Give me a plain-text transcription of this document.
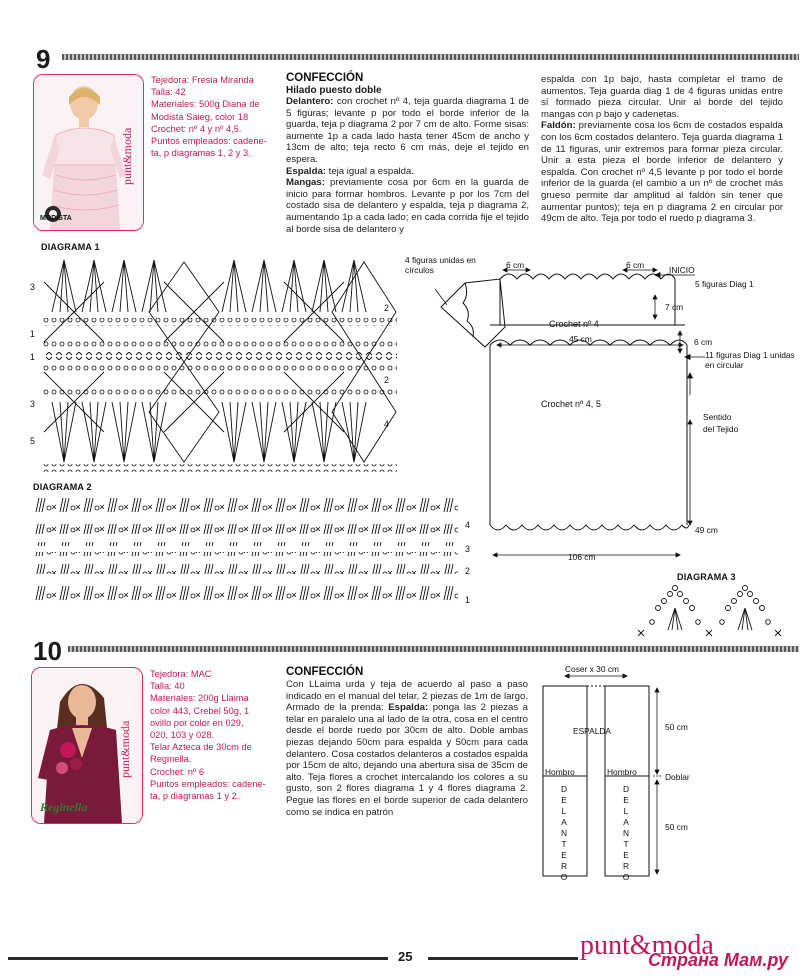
9
punt&moda
MODISTA
Tejedora: Fresia Miranda
Talla: 42
Materiales: 500g Diana de
Modista Saieg, color 18
Crochet: nº 4 y nº 4,5.
Puntos empleados: cadene-
ta, p diagramas 1, 2 y 3.
CONFECCIÓN
Hilado puesto doble
Delantero: con crochet nº 4, teja guarda diagrama 1 de 5 figuras; levante p por todo el borde inferior de la guarda, teja p diagrama 2 por 7 cm de alto. Forme sisas: aumente 1p a cada lado hasta tener 45cm de ancho y 13cm de alto; teja recto 6 cm más, deje el tejido en espera.
Espalda: teja igual a espalda.
Mangas: previamente cosa por 6cm en la guarda de inicio para formar hombros. Levante p por los 7cm del costado sisa de delantero y espalda, teja p diagrama 2, aumentando 1p a cada lado; en cada corrida fije el tejido al borde sisa de delantero y
espalda con 1p bajo, hasta completar el tramo de aumentos. Teja guarda diag 1 de 4 figuras unidas entre sí formado pieza circular. Unir al borde del tejido mangas con p bajo y cadenetas.
Faldón: previamente cosa los 6cm de costados espalda con los 6cm costados delantero. Teja guarda diagrama 1 de 11 figuras, unir extremos para formar pieza circular. Unir a esta pieza el borde inferior de delantero y espalda. Con crochet nº 4,5 levante p por todo el borde inferior de la guarda (el cambio a un nº de crochet más grueso permite dar amplitud al faldón sin tener que aumentar puntos); teja en p diagrama 2 en circular por 49cm de alto. Teja por todo el ruedo p diagrama 3.
DIAGRAMA 1
3
1
1
3
5
2
2
4
DIAGRAMA 2
4
3
2
1
4 figuras unidas en círculos	6 cm	6 cm	INICIO
5 figuras Diag 1
7 cm
Crochet nº 4
45 cm	6 cm
11 figuras Diag 1 unidas en circular
Crochet nº 4, 5
Sentido del Tejido
49 cm
106 cm
DIAGRAMA 3
10
punt&moda
Reginella
Tejedora: MAC
Talla: 40
Materiales: 200g Llaima
color 443, Crebel 50g, 1
ovillo por color en 029,
020, 103 y 028.
Telar Azteca de 30cm de
Reginella.
Crochet: nº 6
Puntos empleados: cadene-
ta, p diagramas 1 y 2.
CONFECCIÓN
Con LLaima urda y teja de acuerdo al paso a paso indicado en el manual del telar, 2 piezas de 1m de largo. Armado de la prenda: Espalda: ponga las 2 piezas a telar en paralelo una al lado de la otra, cosa en el centro desde el borde ruedo por 30cm de alto. Doble ambas piezas dejando 50cm para espalda y 50cm para cada delantero. Cosa costados delanteros a costados espalda por 15cm de alto, dejando una abertura sisa de 35cm de alto. Teja flores a crochet intercalando los colores a su gusto, son 2 flores diagrama 1 y 4 flores diagrama 2. Pegue las flores en el borde superior de cada delantero como se indica en patrón
Coser x 30 cm
ESPALDA	50 cm
Hombro	Hombro	Doblar
50 cm
DELANTERO
DELANTERO
25	punt&moda
Страна Мам.ру
